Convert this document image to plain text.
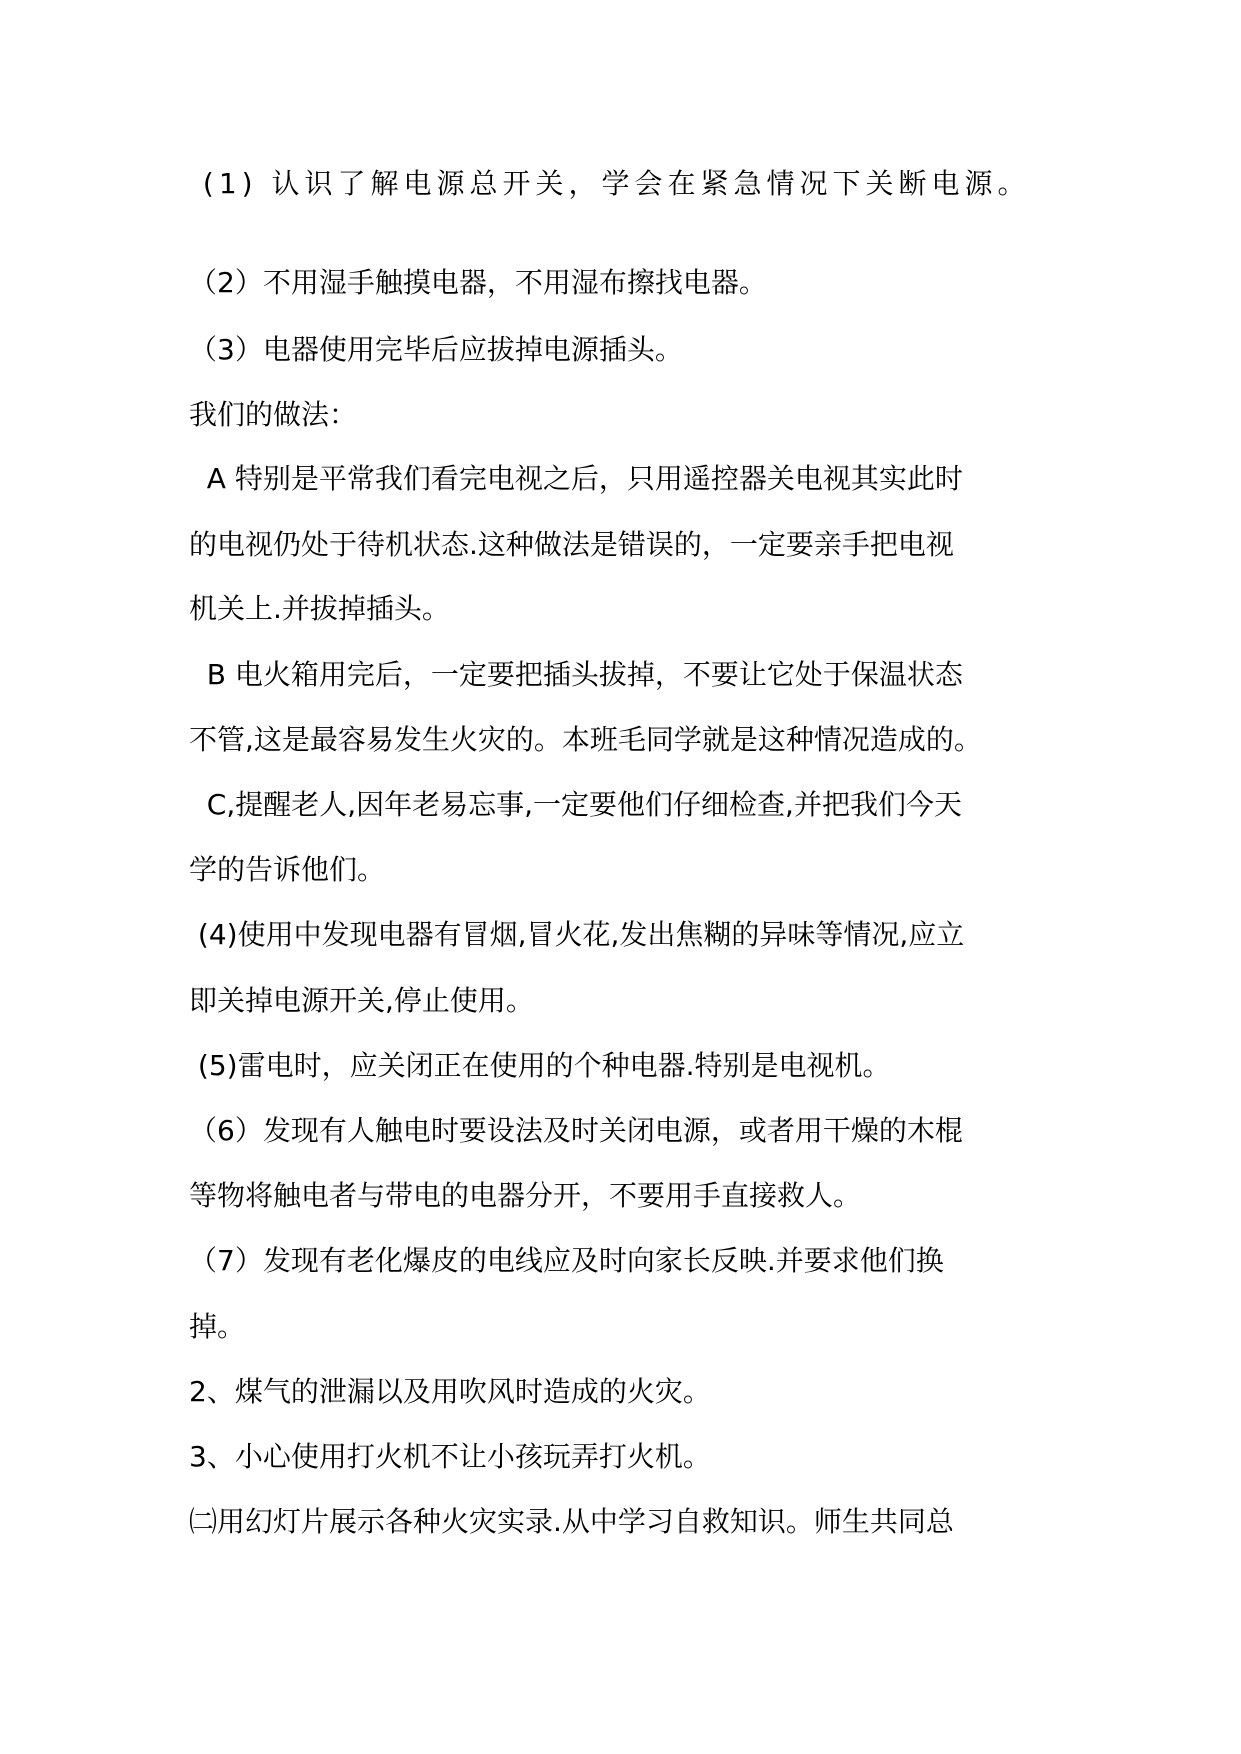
(1) 认识了解电源总开关，学会在紧急情况下关断电源。
（2）不用湿手触摸电器，不用湿布擦找电器。
（3）电器使用完毕后应拔掉电源插头。
我们的做法：
A 特别是平常我们看完电视之后，只用遥控器关电视其实此时
的电视仍处于待机状态.这种做法是错误的，一定要亲手把电视
机关上.并拔掉插头。
B 电火箱用完后，一定要把插头拔掉，不要让它处于保温状态
不管,这是最容易发生火灾的。本班毛同学就是这种情况造成的。
C,提醒老人,因年老易忘事,一定要他们仔细检查,并把我们今天
学的告诉他们。
(4)使用中发现电器有冒烟,冒火花,发出焦糊的异味等情况,应立
即关掉电源开关,停止使用。
(5)雷电时，应关闭正在使用的个种电器.特别是电视机。
（6）发现有人触电时要设法及时关闭电源，或者用干燥的木棍
等物将触电者与带电的电器分开，不要用手直接救人。
（7）发现有老化爆皮的电线应及时向家长反映.并要求他们换
掉。
2、煤气的泄漏以及用吹风时造成的火灾。
3、小心使用打火机不让小孩玩弄打火机。
㈡用幻灯片展示各种火灾实录.从中学习自救知识。师生共同总
